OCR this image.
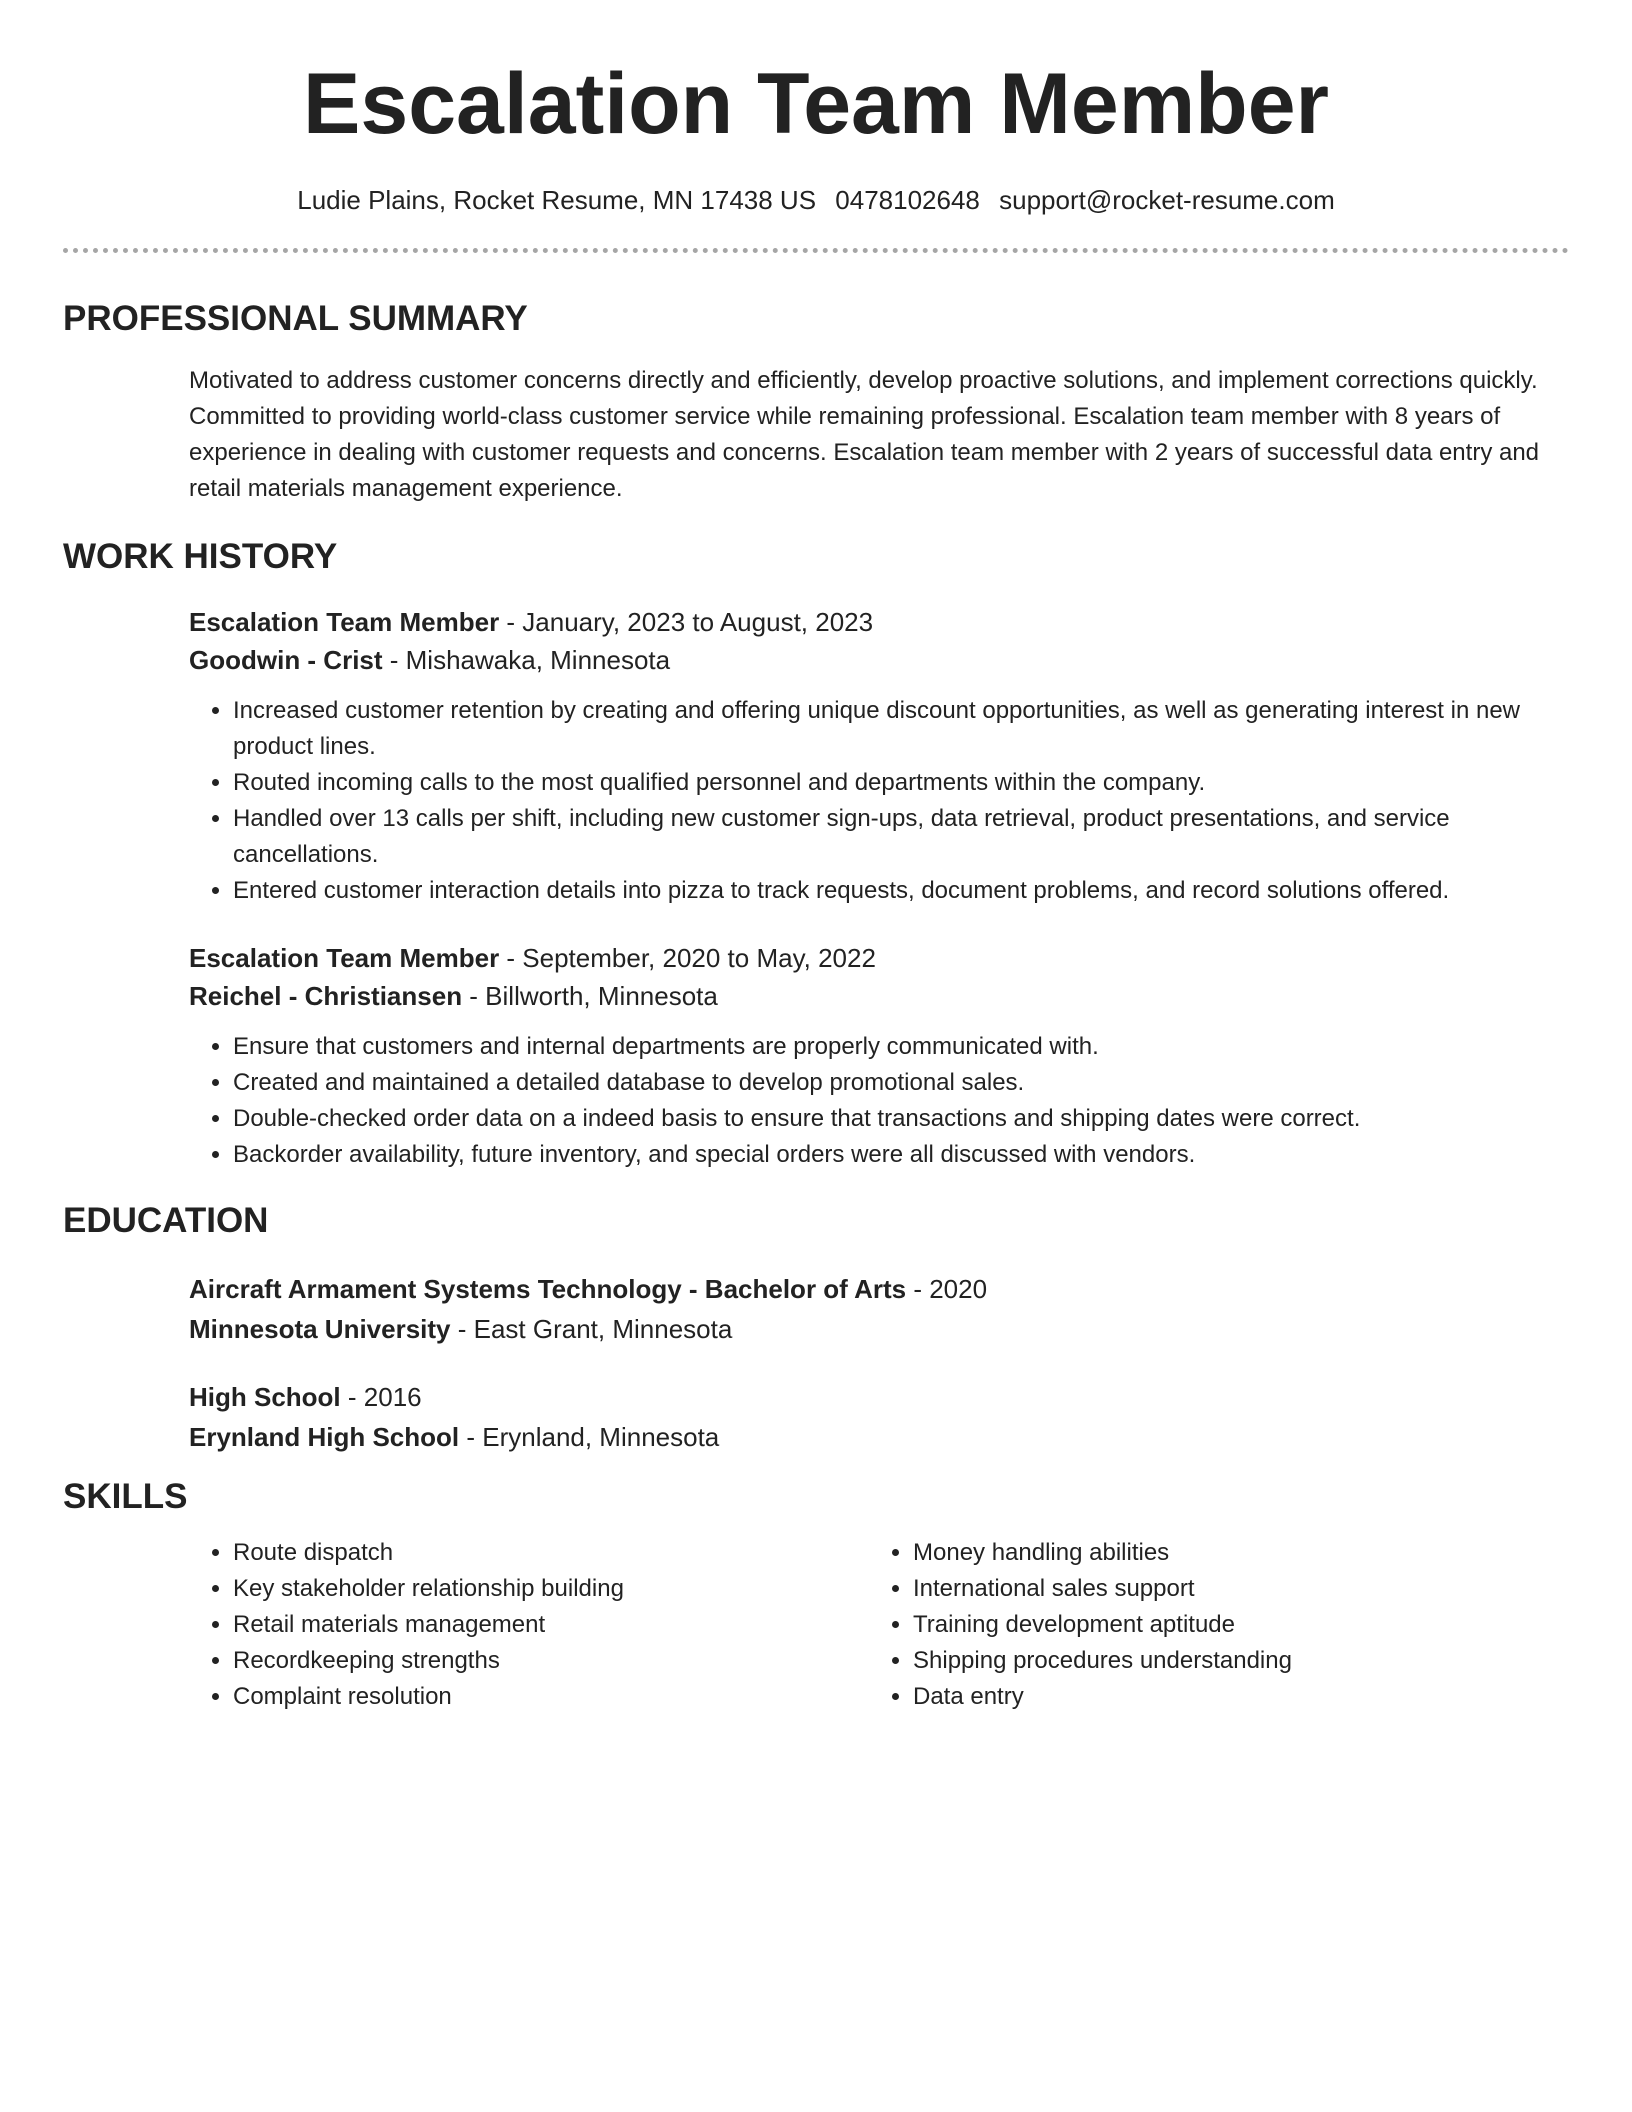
Escalation Team Member
Ludie Plains, Rocket Resume, MN 17438 US 0478102648 support@rocket-resume.com
PROFESSIONAL SUMMARY
Motivated to address customer concerns directly and efficiently, develop proactive solutions, and implement corrections quickly. Committed to providing world-class customer service while remaining professional. Escalation team member with 8 years of experience in dealing with customer requests and concerns. Escalation team member with 2 years of successful data entry and retail materials management experience.
WORK HISTORY
Escalation Team Member - January, 2023 to August, 2023
Goodwin - Crist - Mishawaka, Minnesota
• Increased customer retention by creating and offering unique discount opportunities, as well as generating interest in new product lines.
• Routed incoming calls to the most qualified personnel and departments within the company.
• Handled over 13 calls per shift, including new customer sign-ups, data retrieval, product presentations, and service cancellations.
• Entered customer interaction details into pizza to track requests, document problems, and record solutions offered.
Escalation Team Member - September, 2020 to May, 2022
Reichel - Christiansen - Billworth, Minnesota
• Ensure that customers and internal departments are properly communicated with.
• Created and maintained a detailed database to develop promotional sales.
• Double-checked order data on a indeed basis to ensure that transactions and shipping dates were correct.
• Backorder availability, future inventory, and special orders were all discussed with vendors.
EDUCATION
Aircraft Armament Systems Technology - Bachelor of Arts - 2020
Minnesota University - East Grant, Minnesota
High School - 2016
Erynland High School - Erynland, Minnesota
SKILLS
• Route dispatch
• Key stakeholder relationship building
• Retail materials management
• Recordkeeping strengths
• Complaint resolution
• Money handling abilities
• International sales support
• Training development aptitude
• Shipping procedures understanding
• Data entry
